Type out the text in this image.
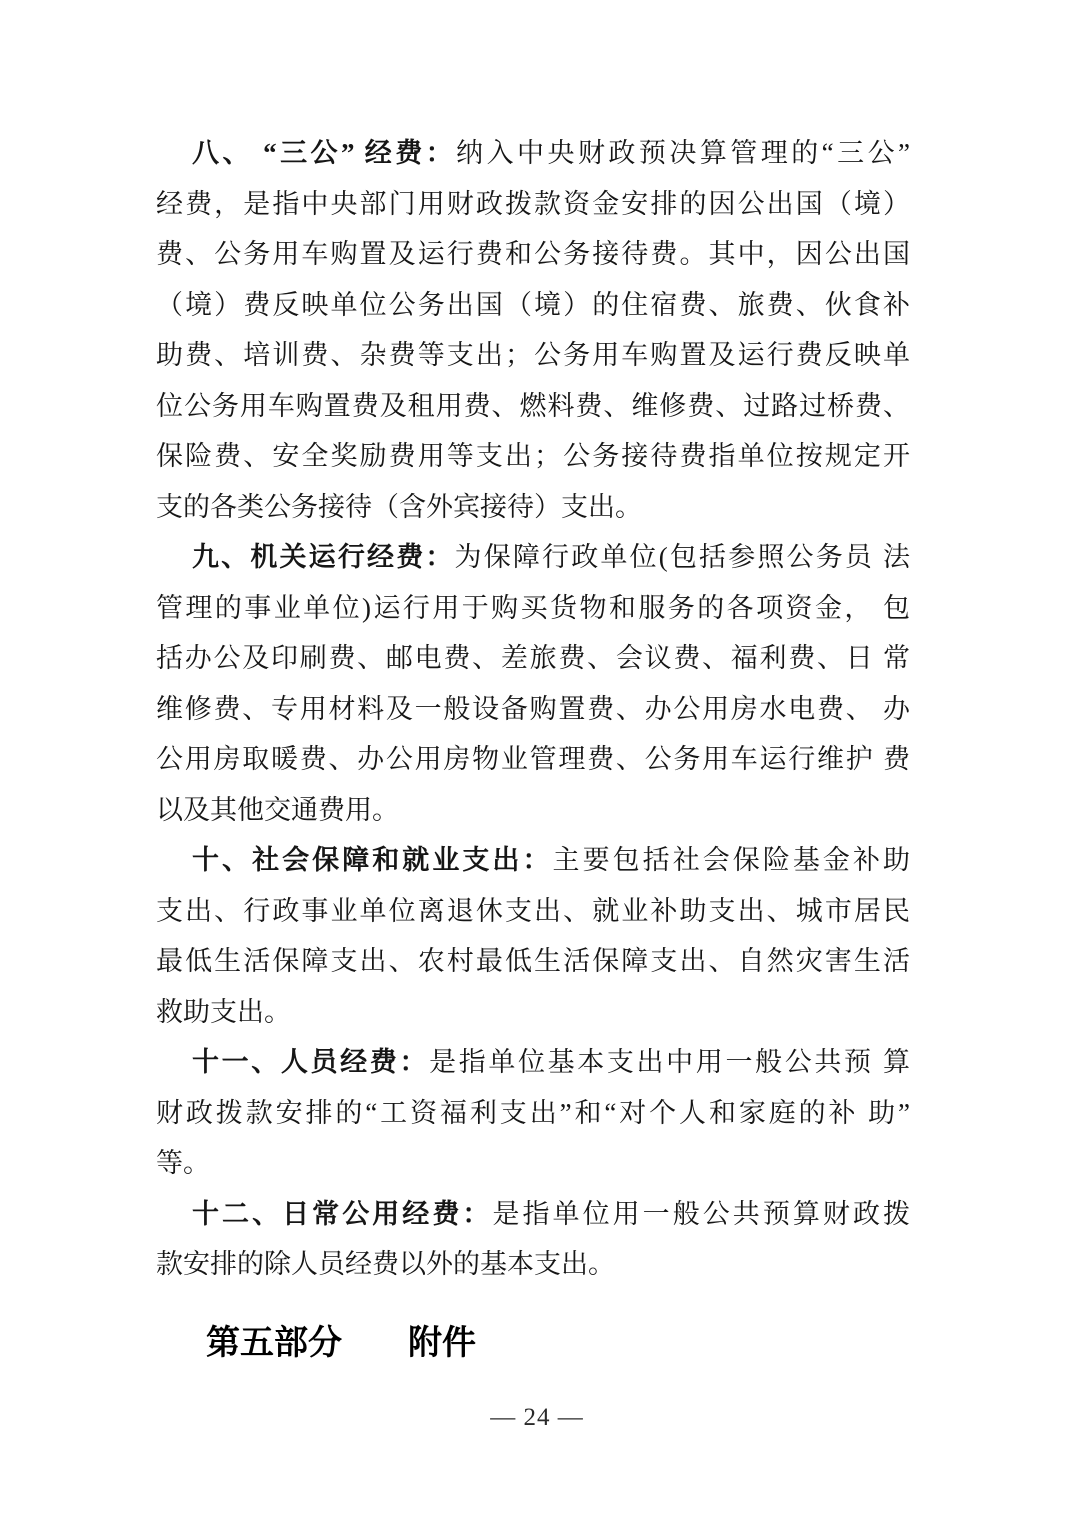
八、 “三公” 经费：纳入中央财政预决算管理的“三公”
经费，是指中央部门用财政拨款资金安排的因公出国（境）
费、公务用车购置及运行费和公务接待费。其中，因公出国
（境）费反映单位公务出国（境）的住宿费、旅费、伙食补
助费、培训费、杂费等支出；公务用车购置及运行费反映单
位公务用车购置费及租用费、燃料费、维修费、过路过桥费、
保险费、安全奖励费用等支出；公务接待费指单位按规定开
支的各类公务接待（含外宾接待）支出。
九、机关运行经费：为保障行政单位(包括参照公务员 法
管理的事业单位)运行用于购买货物和服务的各项资金， 包
括办公及印刷费、邮电费、差旅费、会议费、福利费、日 常
维修费、专用材料及一般设备购置费、办公用房水电费、 办
公用房取暖费、办公用房物业管理费、公务用车运行维护 费
以及其他交通费用。
十、社会保障和就业支出：主要包括社会保险基金补助
支出、行政事业单位离退休支出、就业补助支出、城市居民
最低生活保障支出、农村最低生活保障支出、自然灾害生活
救助支出。
十一、人员经费：是指单位基本支出中用一般公共预 算
财政拨款安排的“工资福利支出”和“对个人和家庭的补 助”
等。
十二、日常公用经费：是指单位用一般公共预算财政拨
款安排的除人员经费以外的基本支出。
第五部分 附件
— 24 —
